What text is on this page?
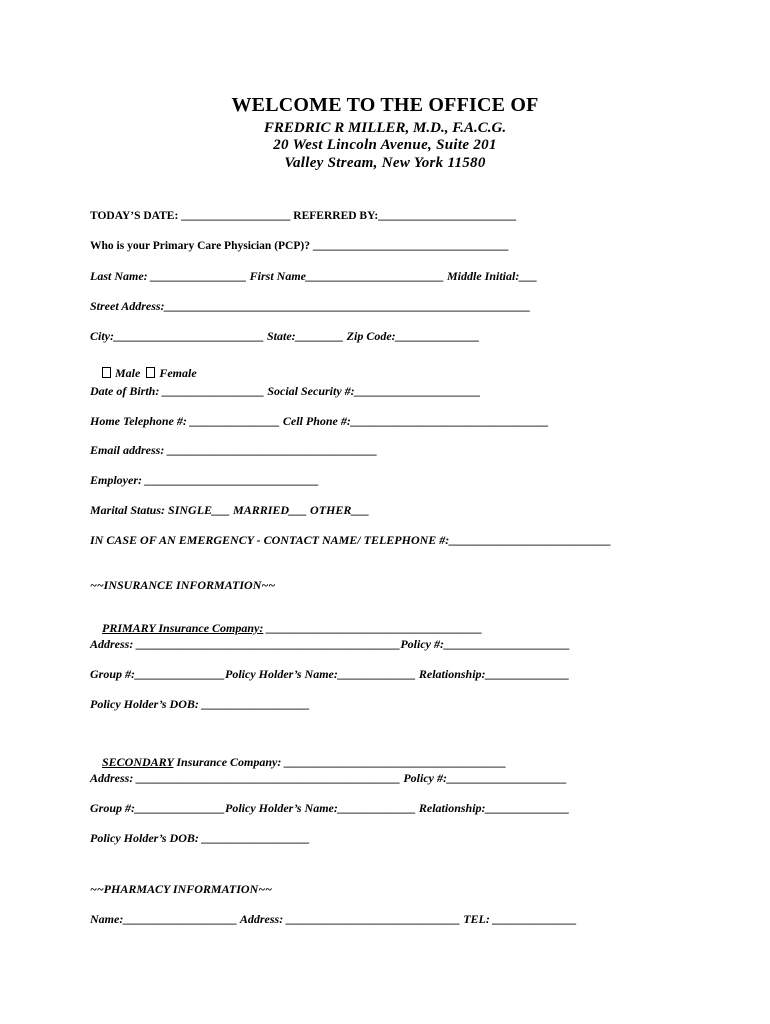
WELCOME TO THE OFFICE OF
FREDRIC R MILLER, M.D., F.A.C.G.
20 West Lincoln Avenue, Suite 201
Valley Stream, New York 11580
TODAY’S DATE: ___________________ REFERRED BY:________________________
Who is your Primary Care Physician (PCP)? __________________________________
Last Name: ________________ First Name_______________________ Middle Initial:___
Street Address:_____________________________________________________________
City:_________________________ State:________ Zip Code:______________

Male Female

Date of Birth: _________________ Social Security #:_____________________
Home Telephone #: _______________ Cell Phone #:_________________________________
Email address: ___________________________________
Employer: _____________________________
Marital Status: SINGLE___ MARRIED___ OTHER___
IN CASE OF AN EMERGENCY - CONTACT NAME/ TELEPHONE #:___________________________
~~INSURANCE INFORMATION~~

PRIMARY Insurance Company: ____________________________________

Address: ____________________________________________Policy #:_____________________
Group #:_______________Policy Holder’s Name:_____________ Relationship:______________
Policy Holder’s DOB: __________________

SECONDARY Insurance Company: _____________________________________

Address: ____________________________________________ Policy #:____________________
Group #:_______________Policy Holder’s Name:_____________ Relationship:______________
Policy Holder’s DOB: __________________
~~PHARMACY INFORMATION~~
Name:___________________ Address: _____________________________ TEL: ______________
